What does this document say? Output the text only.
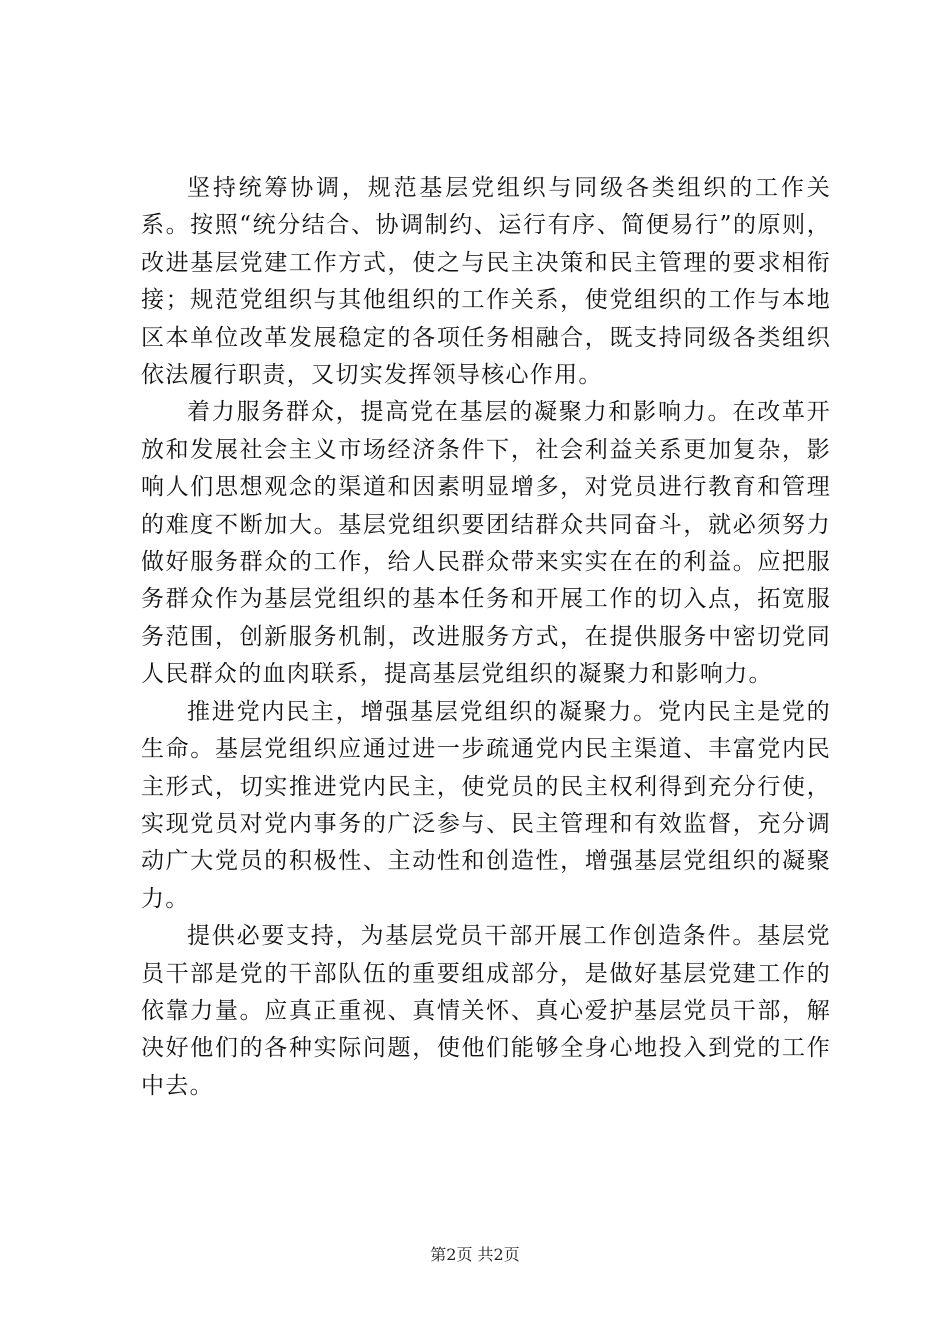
坚持统筹协调，规范基层党组织与同级各类组织的工作关系。按照“统分结合、协调制约、运行有序、简便易行”的原则，改进基层党建工作方式，使之与民主决策和民主管理的要求相衔接；规范党组织与其他组织的工作关系，使党组织的工作与本地区本单位改革发展稳定的各项任务相融合，既支持同级各类组织依法履行职责，又切实发挥领导核心作用。

着力服务群众，提高党在基层的凝聚力和影响力。在改革开放和发展社会主义市场经济条件下，社会利益关系更加复杂，影响人们思想观念的渠道和因素明显增多，对党员进行教育和管理的难度不断加大。基层党组织要团结群众共同奋斗，就必须努力做好服务群众的工作，给人民群众带来实实在在的利益。应把服务群众作为基层党组织的基本任务和开展工作的切入点，拓宽服务范围，创新服务机制，改进服务方式，在提供服务中密切党同人民群众的血肉联系，提高基层党组织的凝聚力和影响力。

推进党内民主，增强基层党组织的凝聚力。党内民主是党的生命。基层党组织应通过进一步疏通党内民主渠道、丰富党内民主形式，切实推进党内民主，使党员的民主权利得到充分行使，实现党员对党内事务的广泛参与、民主管理和有效监督，充分调动广大党员的积极性、主动性和创造性，增强基层党组织的凝聚力。

提供必要支持，为基层党员干部开展工作创造条件。基层党员干部是党的干部队伍的重要组成部分，是做好基层党建工作的依靠力量。应真正重视、真情关怀、真心爱护基层党员干部，解决好他们的各种实际问题，使他们能够全身心地投入到党的工作中去。

第2页 共2页
